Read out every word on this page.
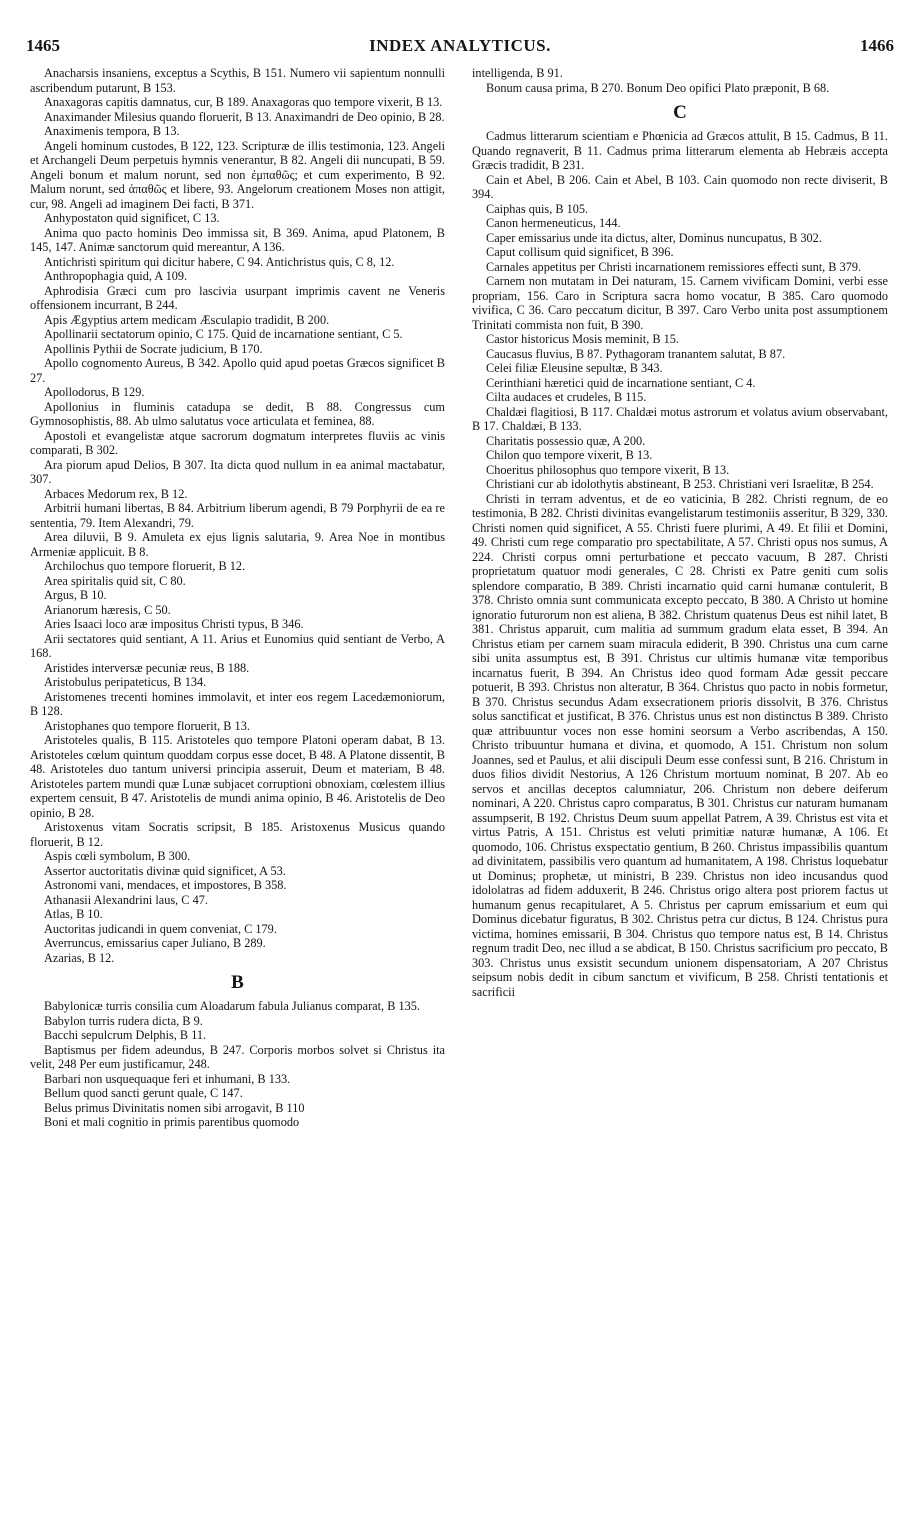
1465	INDEX ANALYTICUS.	1466

Anacharsis insaniens, exceptus a Scythis, B 151. Numero vii sapientum nonnulli ascribendum putarunt, B 153.

Anaxagoras capitis damnatus, cur, B 189. Anaxagoras quo tempore vixerit, B 13.

Anaximander Milesius quando floruerit, B 13. Anaximandri de Deo opinio, B 28.

Anaximenis tempora, B 13.

Angeli hominum custodes, B 122, 123. Scripturæ de illis testimonia, 123. Angeli et Archangeli Deum perpetuis hymnis venerantur, B 82. Angeli dii nuncupati, B 59. Angeli bonum et malum norunt, sed non ἐμπαθῶς; et cum experimento, B 92. Malum norunt, sed ἀπαθῶς et libere, 93. Angelorum creationem Moses non attigit, cur, 98. Angeli ad imaginem Dei facti, B 371.

Anhypostaton quid significet, C 13.

Anima quo pacto hominis Deo immissa sit, B 369. Anima, apud Platonem, B 145, 147. Animæ sanctorum quid mereantur, A 136.

Antichristi spiritum qui dicitur habere, C 94. Antichristus quis, C 8, 12.

Anthropophagia quid, A 109.

Aphrodisia Græci cum pro lascivia usurpant imprimis cavent ne Veneris offensionem incurrant, B 244.

Apis Ægyptius artem medicam Æsculapio tradidit, B 200.

Apollinarii sectatorum opinio, C 175. Quid de incarnatione sentiant, C 5.

Apollinis Pythii de Socrate judicium, B 170.

Apollo cognomento Aureus, B 342. Apollo quid apud poetas Græcos significet B 27.

Apollodorus, B 129.

Apollonius in fluminis catadupa se dedit, B 88. Congressus cum Gymnosophistis, 88. Ab ulmo salutatus voce articulata et feminea, 88.

Apostoli et evangelistæ atque sacrorum dogmatum interpretes fluviis ac vinis comparati, B 302.

Ara piorum apud Delios, B 307. Ita dicta quod nullum in ea animal mactabatur, 307.

Arbaces Medorum rex, B 12.

Arbitrii humani libertas, B 84. Arbitrium liberum agendi, B 79 Porphyrii de ea re sententia, 79. Item Alexandri, 79.

Area diluvii, B 9. Amuleta ex ejus lignis salutaria, 9. Area Noe in montibus Armeniæ applicuit. B 8.

Archilochus quo tempore floruerit, B 12.

Area spiritalis quid sit, C 80.

Argus, B 10.

Arianorum hæresis, C 50.

Aries Isaaci loco aræ impositus Christi typus, B 346.

Arii sectatores quid sentiant, A 11. Arius et Eunomius quid sentiant de Verbo, A 168.

Aristides interversæ pecuniæ reus, B 188.

Aristobulus peripateticus, B 134.

Aristomenes trecenti homines immolavit, et inter eos regem Lacedæmoniorum, B 128.

Aristophanes quo tempore floruerit, B 13.

Aristoteles qualis, B 115. Aristoteles quo tempore Platoni operam dabat, B 13. Aristoteles cœlum quintum quoddam corpus esse docet, B 48. A Platone dissentit, B 48. Aristoteles duo tantum universi principia asseruit, Deum et materiam, B 48. Aristoteles partem mundi quæ Lunæ subjacet corruptioni obnoxiam, cœlestem illius expertem censuit, B 47. Aristotelis de mundi anima opinio, B 46. Aristotelis de Deo opinio, B 28.

Aristoxenus vitam Socratis scripsit, B 185. Aristoxenus Musicus quando floruerit, B 12.

Aspis cœli symbolum, B 300.

Assertor auctoritatis divinæ quid significet, A 53.

Astronomi vani, mendaces, et impostores, B 358.

Athanasii Alexandrini laus, C 47.

Atlas, B 10.

Auctoritas judicandi in quem conveniat, C 179.

Averruncus, emissarius caper Juliano, B 289.

Azarias, B 12.

B

Babylonicæ turris consilia cum Aloadarum fabula Julianus comparat, B 135.

Babylon turris rudera dicta, B 9.

Bacchi sepulcrum Delphis, B 11.

Baptismus per fidem adeundus, B 247. Corporis morbos solvet si Christus ita velit, 248 Per eum justificamur, 248.

Barbari non usquequaque feri et inhumani, B 133.

Bellum quod sancti gerunt quale, C 147.

Belus primus Divinitatis nomen sibi arrogavit, B 110

Boni et mali cognitio in primis parentibus quomodo

intelligenda, B 91.

Bonum causa prima, B 270. Bonum Deo opifici Plato præponit, B 68.

C

Cadmus litterarum scientiam e Phœnicia ad Græcos attulit, B 15. Cadmus, B 11. Quando regnaverit, B 11. Cadmus prima litterarum elementa ab Hebræis accepta Græcis tradidit, B 231.

Cain et Abel, B 206. Cain et Abel, B 103. Cain quomodo non recte diviserit, B 394.

Caiphas quis, B 105.

Canon hermeneuticus, 144.

Caper emissarius unde ita dictus, alter, Dominus nuncupatus, B 302.

Caput collisum quid significet, B 396.

Carnales appetitus per Christi incarnationem remissiores effecti sunt, B 379.

Carnem non mutatam in Dei naturam, 15. Carnem vivificam Domini, verbi esse propriam, 156. Caro in Scriptura sacra homo vocatur, B 385. Caro quomodo vivifica, C 36. Caro peccatum dicitur, B 397. Caro Verbo unita post assumptionem Trinitati commista non fuit, B 390.

Castor historicus Mosis meminit, B 15.

Caucasus fluvius, B 87. Pythagoram tranantem salutat, B 87.

Celei filiæ Eleusine sepultæ, B 343.

Cerinthiani hæretici quid de incarnatione sentiant, C 4.

Cilta audaces et crudeles, B 115.

Chaldæi flagitiosi, B 117. Chaldæi motus astrorum et volatus avium observabant, B 17. Chaldæi, B 133.

Charitatis possessio quæ, A 200.

Chilon quo tempore vixerit, B 13.

Choeritus philosophus quo tempore vixerit, B 13.

Christiani cur ab idolothytis abstineant, B 253. Christiani veri Israelitæ, B 254.

Christi in terram adventus, et de eo vaticinia, B 282. Christi regnum, de eo testimonia, B 282. Christi divinitas evangelistarum testimoniis asseritur, B 329, 330. Christi nomen quid significet, A 55. Christi fuere plurimi, A 49. Et filii et Domini, 49. Christi cum rege comparatio pro spectabilitate, A 57. Christi opus nos sumus, A 224. Christi corpus omni perturbatione et peccato vacuum, B 287. Christi proprietatum quatuor modi generales, C 28. Christi ex Patre geniti cum solis splendore comparatio, B 389. Christi incarnatio quid carni humanæ contulerit, B 378. Christo omnia sunt communicata excepto peccato, B 380. A Christo ut homine ignoratio futurorum non est aliena, B 382. Christum quatenus Deus est nihil latet, B 381. Christus apparuit, cum malitia ad summum gradum elata esset, B 394. An Christus etiam per carnem suam miracula ediderit, B 390. Christus una cum carne sibi unita assumptus est, B 391. Christus cur ultimis humanæ vitæ temporibus incarnatus fuerit, B 394. An Christus ideo quod formam Adæ gessit peccare potuerit, B 393. Christus non alteratur, B 364. Christus quo pacto in nobis formetur, B 370. Christus secundus Adam exsecrationem prioris dissolvit, B 376. Christus solus sanctificat et justificat, B 376. Christus unus est non distinctus B 389. Christo quæ attribuuntur voces non esse homini seorsum a Verbo ascribendas, A 150. Christo tribuuntur humana et divina, et quomodo, A 151. Christum non solum Joannes, sed et Paulus, et alii discipuli Deum esse confessi sunt, B 216. Christum in duos filios dividit Nestorius, A 126 Christum mortuum nominat, B 207. Ab eo servos et ancillas deceptos calumniatur, 206. Christum non debere deiferum nominari, A 220. Christus capro comparatus, B 301. Christus cur naturam humanam assumpserit, B 192. Christus Deum suum appellat Patrem, A 39. Christus est vita et virtus Patris, A 151. Christus est veluti primitiæ naturæ humanæ, A 106. Et quomodo, 106. Christus exspectatio gentium, B 260. Christus impassibilis quantum ad divinitatem, passibilis vero quantum ad humanitatem, A 198. Christus loquebatur ut Dominus; prophetæ, ut ministri, B 239. Christus non ideo incusandus quod idololatras ad fidem adduxerit, B 246. Christus origo altera post priorem factus ut humanum genus recapitularet, A 5. Christus per caprum emissarium et eum qui Dominus dicebatur figuratus, B 302. Christus petra cur dictus, B 124. Christus pura victima, homines emissarii, B 304. Christus quo tempore natus est, B 14. Christus regnum tradit Deo, nec illud a se abdicat, B 150. Christus sacrificium pro peccato, B 303. Christus unus exsistit secundum unionem dispensatoriam, A 207 Christus seipsum nobis dedit in cibum sanctum et vivificum, B 258. Christi tentationis et sacrificii
